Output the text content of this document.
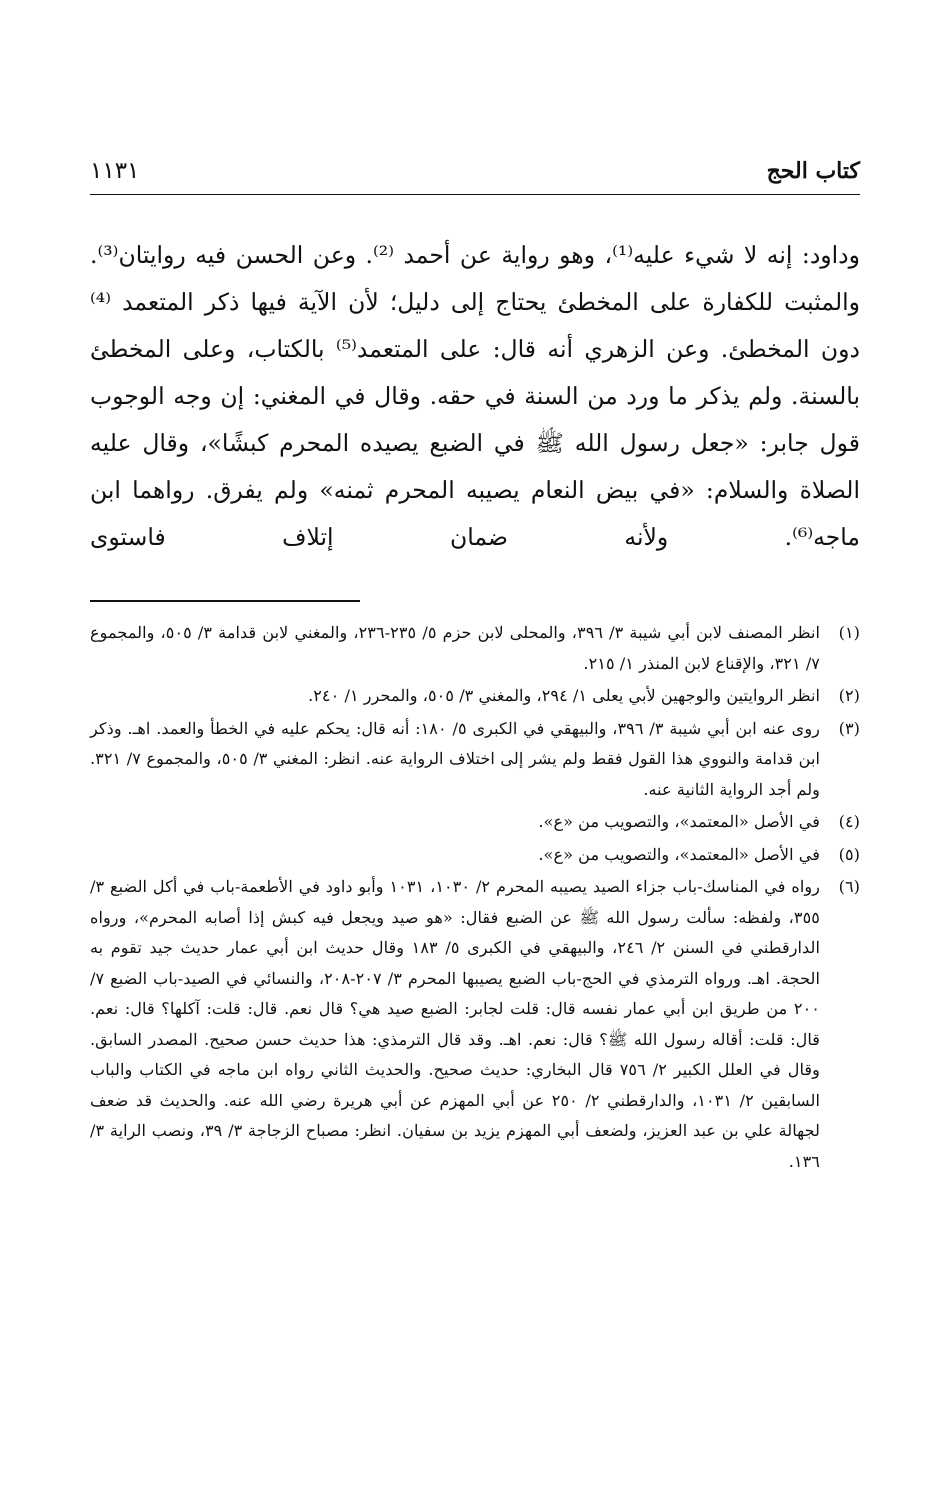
كتاب الحج
١١٣١

وداود: إنه لا شيء عليه⁽¹⁾، وهو رواية عن أحمد ⁽²⁾. وعن الحسن فيه روايتان⁽³⁾. والمثبت للكفارة على المخطئ يحتاج إلى دليل؛ لأن الآية فيها ذكر المتعمد ⁽⁴⁾ دون المخطئ. وعن الزهري أنه قال: على المتعمد⁽⁵⁾ بالكتاب، وعلى المخطئ بالسنة. ولم يذكر ما ورد من السنة في حقه. وقال في المغني: إن وجه الوجوب قول جابر: «جعل رسول الله ﷺ في الضبع يصيده المحرم كبشًا»، وقال عليه الصلاة والسلام: «في بيض النعام يصيبه المحرم ثمنه» ولم يفرق. رواهما ابن ماجه⁽⁶⁾. ولأنه ضمان إتلاف فاستوى

(١)
انظر المصنف لابن أبي شيبة ٣/ ٣٩٦، والمحلى لابن حزم ٥/ ٢٣٥-٢٣٦، والمغني لابن قدامة ٣/ ٥٠٥، والمجموع ٧/ ٣٢١، والإقناع لابن المنذر ١/ ٢١٥.
(٢)
انظر الروايتين والوجهين لأبي يعلى ١/ ٢٩٤، والمغني ٣/ ٥٠٥، والمحرر ١/ ٢٤٠.
(٣)
روى عنه ابن أبي شيبة ٣/ ٣٩٦، والبيهقي في الكبرى ٥/ ١٨٠: أنه قال: يحكم عليه في الخطأ والعمد. اهـ. وذكر ابن قدامة والنووي هذا القول فقط ولم يشر إلى اختلاف الرواية عنه. انظر: المغني ٣/ ٥٠٥، والمجموع ٧/ ٣٢١. ولم أجد الرواية الثانية عنه.
(٤)
في الأصل «المعتمد»، والتصويب من «ع».
(٥)
في الأصل «المعتمد»، والتصويب من «ع».
(٦)
رواه في المناسك-باب جزاء الصيد يصيبه المحرم ٢/ ١٠٣٠، ١٠٣١ وأبو داود في الأطعمة-باب في أكل الضبع ٣/ ٣٥٥، ولفظه: سألت رسول الله ﷺ عن الضبع فقال: «هو صيد ويجعل فيه كبش إذا أصابه المحرم»، ورواه الدارقطني في السنن ٢/ ٢٤٦، والبيهقي في الكبرى ٥/ ١٨٣ وقال حديث ابن أبي عمار حديث جيد تقوم به الحجة. اهـ. ورواه الترمذي في الحج-باب الضبع يصيبها المحرم ٣/ ٢٠٧-٢٠٨، والنسائي في الصيد-باب الضبع ٧/ ٢٠٠ من طريق ابن أبي عمار نفسه قال: قلت لجابر: الضبع صيد هي؟ قال نعم. قال: قلت: آكلها؟ قال: نعم. قال: قلت: أقاله رسول الله ﷺ؟ قال: نعم. اهـ. وقد قال الترمذي: هذا حديث حسن صحيح. المصدر السابق. وقال في العلل الكبير ٢/ ٧٥٦ قال البخاري: حديث صحيح. والحديث الثاني رواه ابن ماجه في الكتاب والباب السابقين ٢/ ١٠٣١، والدارقطني ٢/ ٢٥٠ عن أبي المهزم عن أبي هريرة رضي الله عنه. والحديث قد ضعف لجهالة علي بن عبد العزيز، ولضعف أبي المهزم يزيد بن سفيان. انظر: مصباح الزجاجة ٣/ ٣٩، ونصب الراية ٣/ ١٣٦.
